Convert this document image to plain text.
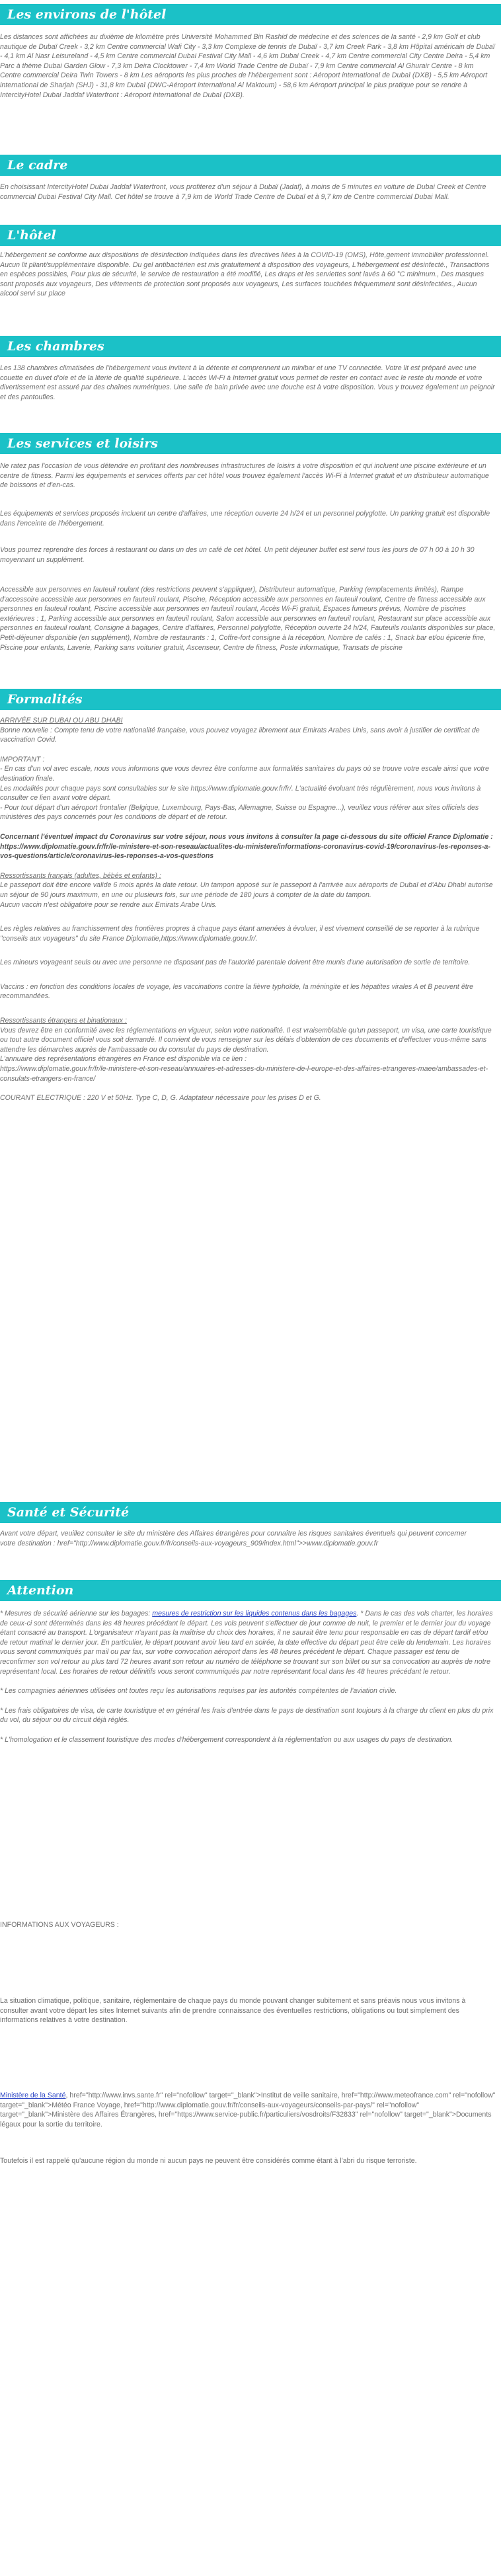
Les environs de l'hôtel
Les distances sont affichées au dixième de kilomètre près Université Mohammed Bin Rashid de médecine et des sciences de la santé - 2,9 km Golf et club nautique de Dubaï Creek - 3,2 km Centre commercial Wafi City - 3,3 km Complexe de tennis de Dubaï - 3,7 km Creek Park - 3,8 km Hôpital américain de Dubaï - 4,1 km Al Nasr Leisureland - 4,5 km Centre commercial Dubai Festival City Mall - 4,6 km Dubai Creek - 4,7 km Centre commercial City Centre Deira - 5,4 km Parc à thème Dubai Garden Glow - 7,3 km Deira Clocktower - 7,4 km World Trade Centre de Dubaï - 7,9 km Centre commercial Al Ghurair Centre - 8 km Centre commercial Deira Twin Towers - 8 km Les aéroports les plus proches de l'hébergement sont : Aéroport international de Dubaï (DXB) - 5,5 km Aéroport international de Sharjah (SHJ) - 31,8 km Dubaï (DWC-Aéroport international Al Maktoum) - 58,6 km Aéroport principal le plus pratique pour se rendre à IntercityHotel Dubai Jaddaf Waterfront : Aéroport international de Dubaï (DXB).
Le cadre
En choisissant IntercityHotel Dubai Jaddaf Waterfront, vous profiterez d'un séjour à Dubaï (Jadaf), à moins de 5 minutes en voiture de Dubai Creek et Centre commercial Dubai Festival City Mall. Cet hôtel se trouve à 7,9 km de World Trade Centre de Dubaï et à 9,7 km de Centre commercial Dubai Mall.
L'hôtel
L'hébergement se conforme aux dispositions de désinfection indiquées dans les directives liées à la COVID-19 (OMS), Hôte,gement immobilier professionnel. Aucun lit pliant/supplémentaire disponible. Du gel antibactérien est mis gratuitement à disposition des voyageurs, L'hébergement est désinfecté., Transactions en espèces possibles, Pour plus de sécurité, le service de restauration a été modifié, Les draps et les serviettes sont lavés à 60 °C minimum., Des masques sont proposés aux voyageurs, Des vêtements de protection sont proposés aux voyageurs, Les surfaces touchées fréquemment sont désinfectées., Aucun alcool servi sur place
Les chambres
Les 138 chambres climatisées de l'hébergement vous invitent à la détente et comprennent un minibar et une TV connectée. Votre lit est préparé avec une couette en duvet d'oie et de la literie de qualité supérieure. L'accès Wi-Fi à Internet gratuit vous permet de rester en contact avec le reste du monde et votre divertissement est assuré par des chaînes numériques. Une salle de bain privée avec une douche est à votre disposition. Vous y trouvez également un peignoir et des pantoufles.
Les services et loisirs
Ne ratez pas l'occasion de vous détendre en profitant des nombreuses infrastructures de loisirs à votre disposition et qui incluent une piscine extérieure et un centre de fitness. Parmi les équipements et services offerts par cet hôtel vous trouvez également l'accès Wi-Fi à Internet gratuit et un distributeur automatique de boissons et d'en-cas.
Les équipements et services proposés incluent un centre d'affaires, une réception ouverte 24 h/24 et un personnel polyglotte. Un parking gratuit est disponible dans l'enceinte de l'hébergement.
Vous pourrez reprendre des forces à restaurant ou dans un des un café de cet hôtel. Un petit déjeuner buffet est servi tous les jours de 07 h 00 à 10 h 30 moyennant un supplément.
Accessible aux personnes en fauteuil roulant (des restrictions peuvent s'appliquer), Distributeur automatique, Parking (emplacements limités), Rampe d'accessoire accessible aux personnes en fauteuil roulant, Piscine, Réception accessible aux personnes en fauteuil roulant, Centre de fitness accessible aux personnes en fauteuil roulant, Piscine accessible aux personnes en fauteuil roulant, Accès Wi-Fi gratuit, Espaces fumeurs prévus, Nombre de piscines extérieures : 1, Parking accessible aux personnes en fauteuil roulant, Salon accessible aux personnes en fauteuil roulant, Restaurant sur place accessible aux personnes en fauteuil roulant, Consigne à bagages, Centre d'affaires, Personnel polyglotte, Réception ouverte 24 h/24, Fauteuils roulants disponibles sur place, Petit-déjeuner disponible (en supplément), Nombre de restaurants : 1, Coffre-fort consigne à la réception, Nombre de cafés : 1, Snack bar et/ou épicerie fine, Piscine pour enfants, Laverie, Parking sans voiturier gratuit, Ascenseur, Centre de fitness, Poste informatique, Transats de piscine
Formalités

ARRIVÉE SUR DUBAI OU ABU DHABI

Bonne nouvelle : Compte tenu de votre nationalité française, vous pouvez voyagez librement aux Emirats Arabes Unis, sans avoir à justifier de certificat de vaccination Covid.

IMPORTANT :

- En cas d'un vol avec escale, nous vous informons que vous devrez être conforme aux formalités sanitaires du pays où se trouve votre escale ainsi que votre destination finale.

Les modalités pour chaque pays sont consultables sur le site https://www.diplomatie.gouv.fr/fr/. L'actualité évoluant très régulièrement, nous vous invitons à consulter ce lien avant votre départ.

- Pour tout départ d'un aéroport frontalier (Belgique, Luxembourg, Pays-Bas, Allemagne, Suisse ou Espagne...), veuillez vous référer aux sites officiels des ministères des pays concernés pour les conditions de départ et de retour.

Concernant l'éventuel impact du Coronavirus sur votre séjour, nous vous invitons à consulter la page ci-dessous du site officiel France Diplomatie :

https://www.diplomatie.gouv.fr/fr/le-ministere-et-son-reseau/actualites-du-ministere/informations-coronavirus-covid-19/coronavirus-les-reponses-a-vos-questions/article/coronavirus-les-reponses-a-vos-questions

Ressortissants français (adultes, bébés et enfants) :

Le passeport doit être encore valide 6 mois après la date retour. Un tampon apposé sur le passeport à l'arrivée aux aéroports de Dubaï et d'Abu Dhabi autorise un séjour de 90 jours maximum, en une ou plusieurs fois, sur une période de 180 jours à compter de la date du tampon.

Aucun vaccin n'est obligatoire pour se rendre aux Emirats Arabe Unis.

Les règles relatives au franchissement des frontières propres à chaque pays étant amenées à évoluer, il est vivement conseillé de se reporter à la rubrique "conseils aux voyageurs" du site France Diplomatie,https://www.diplomatie.gouv.fr/.

Les mineurs voyageant seuls ou avec une personne ne disposant pas de l'autorité parentale doivent être munis d'une autorisation de sortie de territoire.

Vaccins : en fonction des conditions locales de voyage, les vaccinations contre la fièvre typhoïde, la méningite et les hépatites virales A et B peuvent être recommandées.

Ressortissants étrangers et binationaux :

Vous devrez être en conformité avec les réglementations en vigueur, selon votre nationalité. Il est vraisemblable qu'un passeport, un visa, une carte touristique ou tout autre document officiel vous soit demandé. Il convient de vous renseigner sur les délais d'obtention de ces documents et d'effectuer vous-même sans attendre les démarches auprès de l'ambassade ou du consulat du pays de destination.

L'annuaire des représentations étrangères en France est disponible via ce lien :

https://www.diplomatie.gouv.fr/fr/le-ministere-et-son-reseau/annuaires-et-adresses-du-ministere-de-l-europe-et-des-affaires-etrangeres-maee/ambassades-et-consulats-etrangers-en-france/

COURANT ELECTRIQUE : 220 V et 50Hz. Type C, D, G. Adaptateur nécessaire pour les prises D et G.

Santé et Sécurité
Avant votre départ, veuillez consulter le site du ministère des Affaires étrangères pour connaître les risques sanitaires éventuels qui peuvent concerner votre destination : href="http://www.diplomatie.gouv.fr/fr/conseils-aux-voyageurs_909/index.html">>www.diplomatie.gouv.fr
Attention

* Mesures de sécurité aérienne sur les bagages: mesures de restriction sur les liquides contenus dans les bagages. * Dans le cas des vols charter, les horaires de ceux-ci sont déterminés dans les 48 heures précédant le départ. Les vols peuvent s'effectuer de jour comme de nuit, le premier et le dernier jour du voyage étant consacré au transport. L'organisateur n'ayant pas la maîtrise du choix des horaires, il ne saurait être tenu pour responsable en cas de départ tardif et/ou de retour matinal le dernier jour. En particulier, le départ pouvant avoir lieu tard en soirée, la date effective du départ peut être celle du lendemain. Les horaires vous seront communiqués par mail ou par fax, sur votre convocation aéroport dans les 48 heures précédent le départ. Chaque passager est tenu de reconfirmer son vol retour au plus tard 72 heures avant son retour au numéro de téléphone se trouvant sur son billet ou sur sa convocation au auprès de notre représentant local. Les horaires de retour définitifs vous seront communiqués par notre représentant local dans les 48 heures précédant le retour.

* Les compagnies aériennes utilisées ont toutes reçu les autorisations requises par les autorités compétentes de l'aviation civile.

* Les frais obligatoires de visa, de carte touristique et en général les frais d'entrée dans le pays de destination sont toujours à la charge du client en plus du prix du vol, du séjour ou du circuit déjà réglés.

* L'homologation et le classement touristique des modes d'hébergement correspondent à la réglementation ou aux usages du pays de destination.

INFORMATIONS AUX VOYAGEURS :
La situation climatique, politique, sanitaire, réglementaire de chaque pays du monde pouvant changer subitement et sans préavis nous vous invitons à consulter avant votre départ les sites Internet suivants afin de prendre connaissance des éventuelles restrictions, obligations ou tout simplement des informations relatives à votre destination.
Ministère de la Santé, href="http://www.invs.sante.fr" rel="nofollow" target="_blank">Institut de veille sanitaire, href="http://www.meteofrance.com" rel="nofollow" target="_blank">Météo France Voyage, href="http://www.diplomatie.gouv.fr/fr/conseils-aux-voyageurs/conseils-par-pays/" rel="nofollow" target="_blank">Ministère des Affaires Étrangères, href="https://www.service-public.fr/particuliers/vosdroits/F32833" rel="nofollow" target="_blank">Documents légaux pour la sortie du territoire.
Toutefois il est rappelé qu'aucune région du monde ni aucun pays ne peuvent être considérés comme étant à l'abri du risque terroriste.
